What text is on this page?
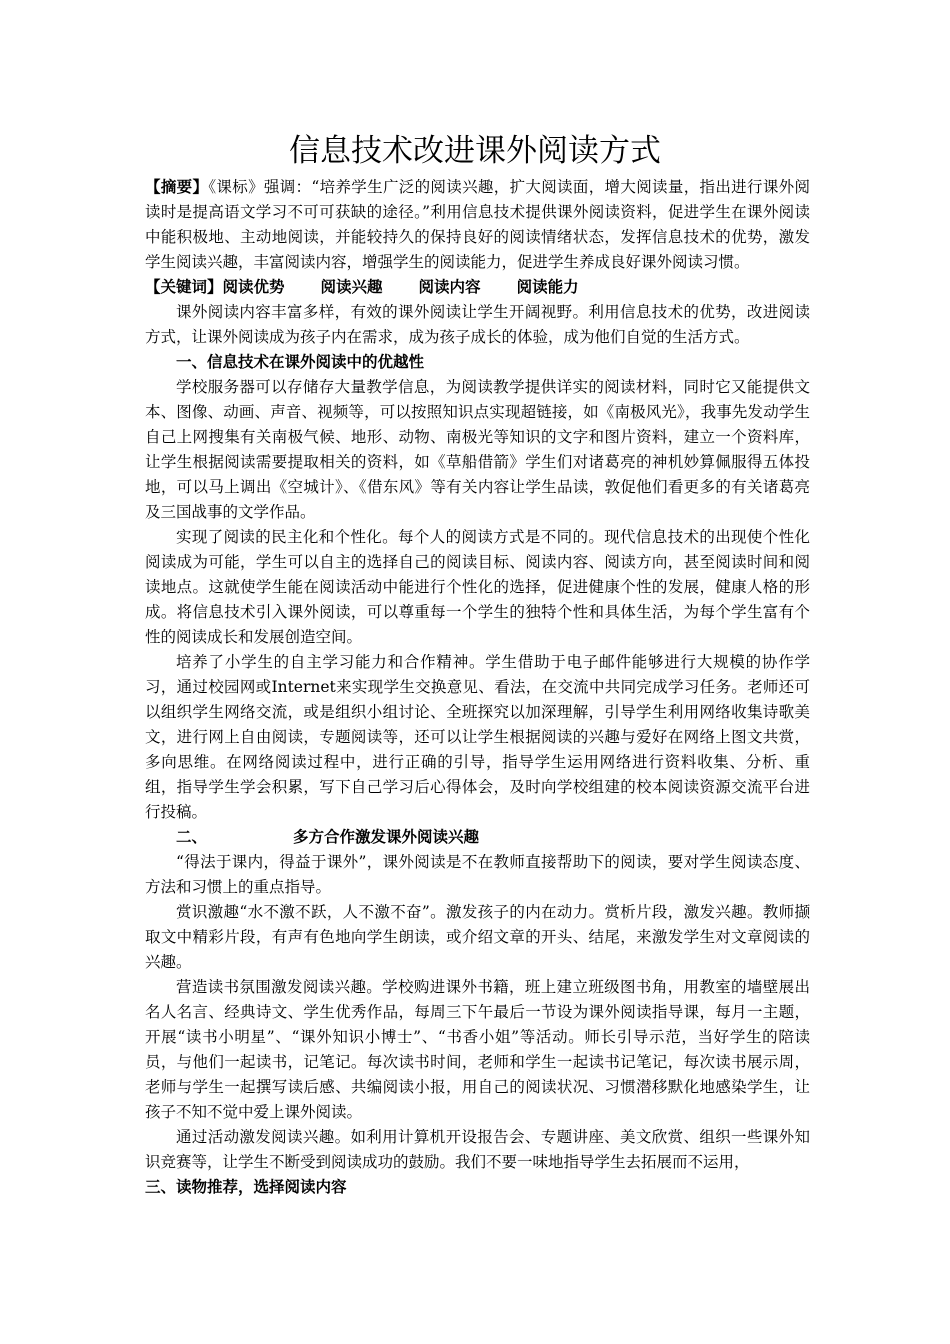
信息技术改进课外阅读方式

【摘要】《课标》强调：“培养学生广泛的阅读兴趣，扩大阅读面，增大阅读量，指出进行课外阅读时是提高语文学习不可可获缺的途径。”利用信息技术提供课外阅读资料，促进学生在课外阅读中能积极地、主动地阅读，并能较持久的保持良好的阅读情绪状态，发挥信息技术的优势，激发学生阅读兴趣，丰富阅读内容，增强学生的阅读能力，促进学生养成良好课外阅读习惯。

【关键词】阅读优势 阅读兴趣 阅读内容 阅读能力

课外阅读内容丰富多样，有效的课外阅读让学生开阔视野。利用信息技术的优势，改进阅读方式，让课外阅读成为孩子内在需求，成为孩子成长的体验，成为他们自觉的生活方式。

一、信息技术在课外阅读中的优越性

学校服务器可以存储存大量教学信息，为阅读教学提供详实的阅读材料，同时它又能提供文本、图像、动画、声音、视频等，可以按照知识点实现超链接，如《南极风光》，我事先发动学生自己上网搜集有关南极气候、地形、动物、南极光等知识的文字和图片资料，建立一个资料库，让学生根据阅读需要提取相关的资料，如《草船借箭》学生们对诸葛亮的神机妙算佩服得五体投地，可以马上调出《空城计》、《借东风》等有关内容让学生品读，敦促他们看更多的有关诸葛亮及三国战事的文学作品。

实现了阅读的民主化和个性化。每个人的阅读方式是不同的。现代信息技术的出现使个性化阅读成为可能，学生可以自主的选择自己的阅读目标、阅读内容、阅读方向，甚至阅读时间和阅读地点。这就使学生能在阅读活动中能进行个性化的选择，促进健康个性的发展，健康人格的形成。将信息技术引入课外阅读，可以尊重每一个学生的独特个性和具体生活，为每个学生富有个性的阅读成长和发展创造空间。

培养了小学生的自主学习能力和合作精神。学生借助于电子邮件能够进行大规模的协作学习，通过校园网或Internet来实现学生交换意见、看法，在交流中共同完成学习任务。老师还可以组织学生网络交流，或是组织小组讨论、全班探究以加深理解，引导学生利用网络收集诗歌美文，进行网上自由阅读，专题阅读等，还可以让学生根据阅读的兴趣与爱好在网络上图文共赏，多向思维。在网络阅读过程中，进行正确的引导，指导学生运用网络进行资料收集、分析、重组，指导学生学会积累，写下自己学习后心得体会，及时向学校组建的校本阅读资源交流平台进行投稿。

二、	多方合作激发课外阅读兴趣

“得法于课内，得益于课外”，课外阅读是不在教师直接帮助下的阅读，要对学生阅读态度、方法和习惯上的重点指导。

赏识激趣“水不激不跃，人不激不奋”。激发孩子的内在动力。赏析片段，激发兴趣。教师撷取文中精彩片段，有声有色地向学生朗读，或介绍文章的开头、结尾，来激发学生对文章阅读的兴趣。

营造读书氛围激发阅读兴趣。学校购进课外书籍，班上建立班级图书角，用教室的墙壁展出名人名言、经典诗文、学生优秀作品，每周三下午最后一节设为课外阅读指导课，每月一主题，开展“读书小明星”、“课外知识小博士”、“书香小姐”等活动。师长引导示范，当好学生的陪读员，与他们一起读书，记笔记。每次读书时间，老师和学生一起读书记笔记，每次读书展示周，老师与学生一起撰写读后感、共编阅读小报，用自己的阅读状况、习惯潜移默化地感染学生，让孩子不知不觉中爱上课外阅读。

通过活动激发阅读兴趣。如利用计算机开设报告会、专题讲座、美文欣赏、组织一些课外知识竞赛等，让学生不断受到阅读成功的鼓励。我们不要一味地指导学生去拓展而不运用，

三、读物推荐，选择阅读内容
